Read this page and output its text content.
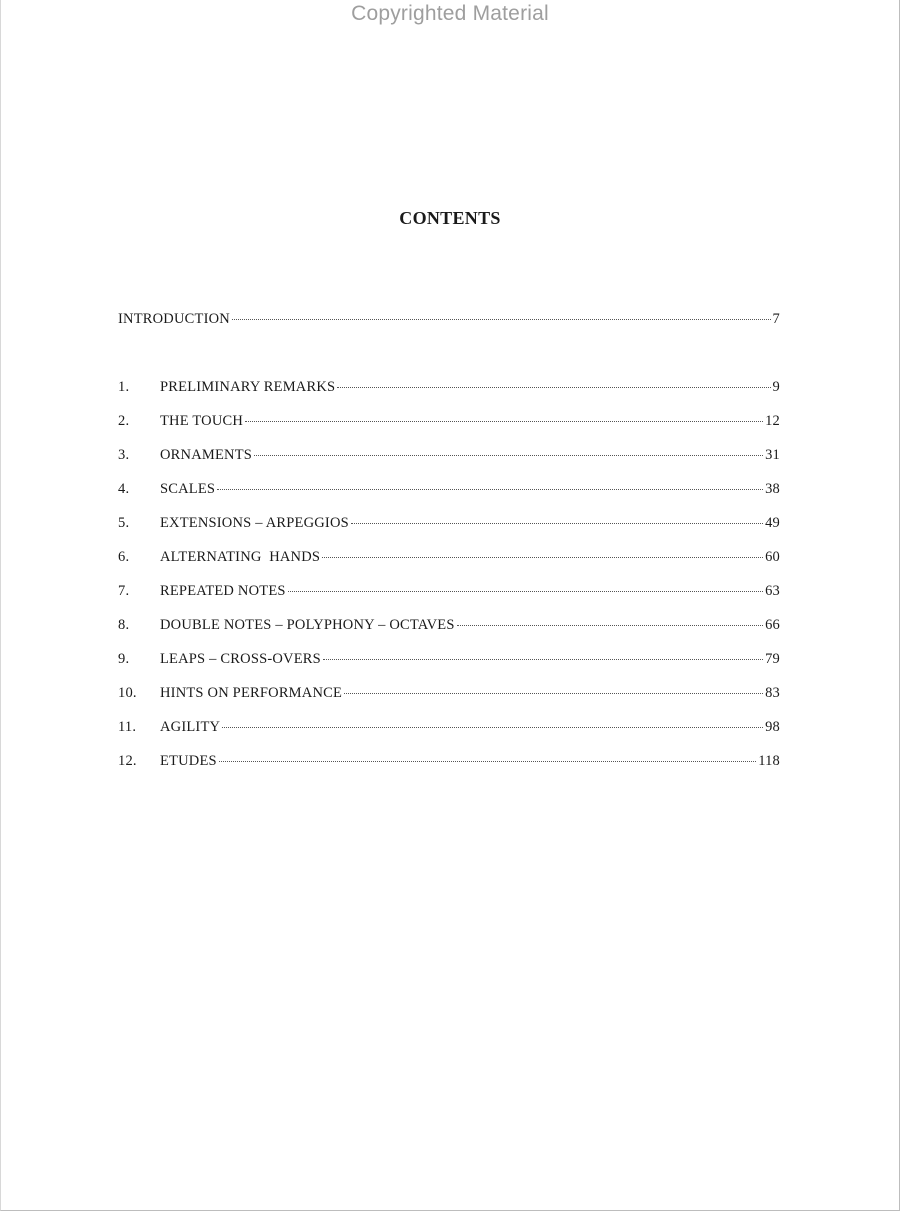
Copyrighted Material
CONTENTS
INTRODUCTION	7
1.	PRELIMINARY REMARKS	9
2.	THE TOUCH	12
3.	ORNAMENTS	31
4.	SCALES	38
5.	EXTENSIONS – ARPEGGIOS	49
6.	ALTERNATING  HANDS	60
7.	REPEATED NOTES	63
8.	DOUBLE NOTES – POLYPHONY – OCTAVES	66
9.	LEAPS – CROSS-OVERS	79
10.	HINTS ON PERFORMANCE	83
11.	AGILITY	98
12.	ETUDES	118
